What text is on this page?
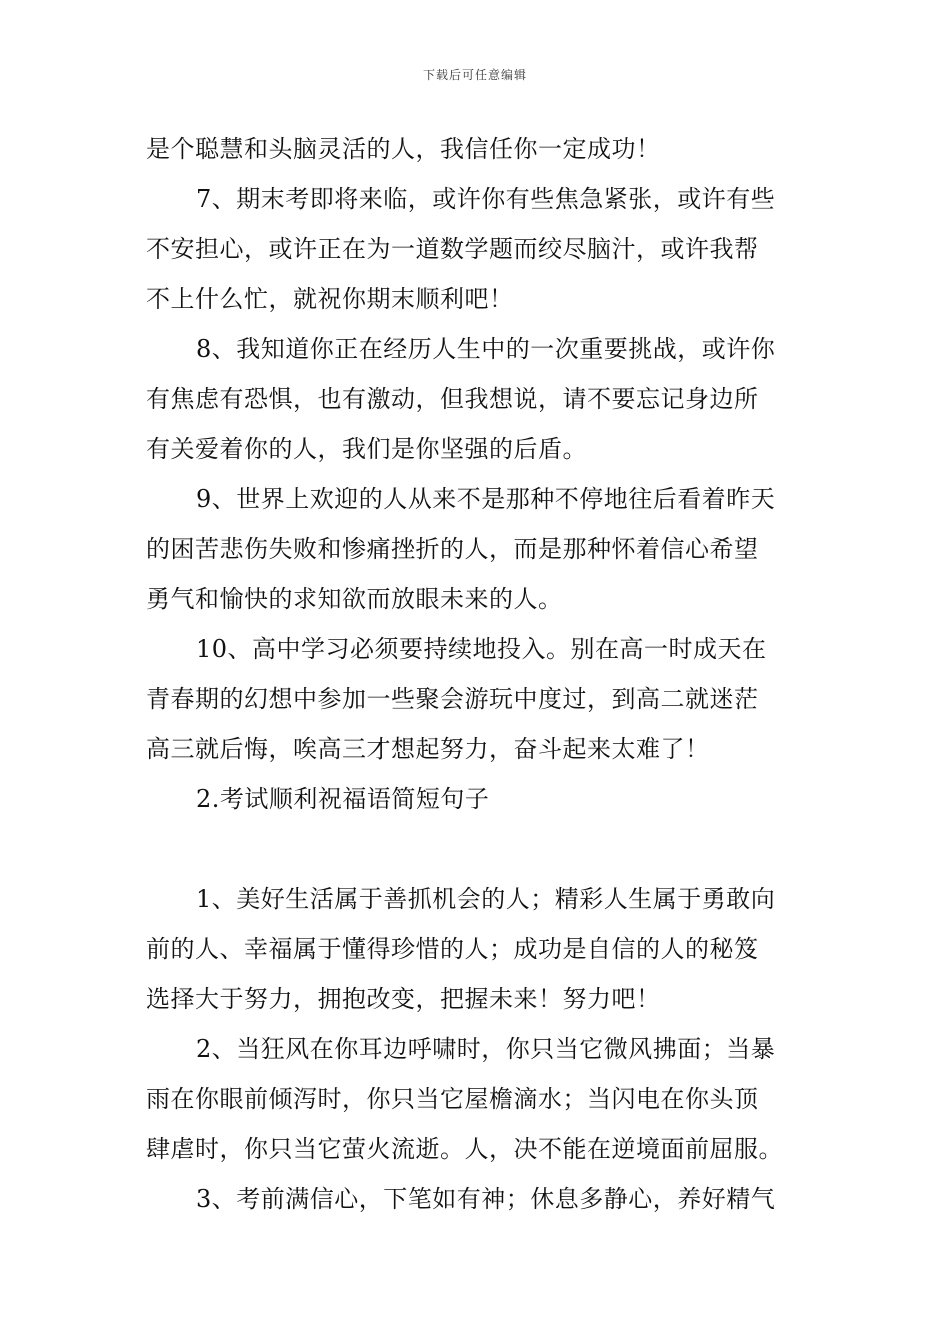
下载后可任意编辑
是个聪慧和头脑灵活的人，我信任你一定成功！
7、期末考即将来临，或许你有些焦急紧张，或许有些
不安担心，或许正在为一道数学题而绞尽脑汁，或许我帮
不上什么忙，就祝你期末顺利吧！
8、我知道你正在经历人生中的一次重要挑战，或许你
有焦虑有恐惧，也有激动，但我想说，请不要忘记身边所
有关爱着你的人，我们是你坚强的后盾。
9、世界上欢迎的人从来不是那种不停地往后看着昨天
的困苦悲伤失败和惨痛挫折的人，而是那种怀着信心希望
勇气和愉快的求知欲而放眼未来的人。
10、高中学习必须要持续地投入。别在高一时成天在
青春期的幻想中参加一些聚会游玩中度过，到高二就迷茫
高三就后悔，唉高三才想起努力，奋斗起来太难了！
2.考试顺利祝福语简短句子
1、美好生活属于善抓机会的人；精彩人生属于勇敢向
前的人、幸福属于懂得珍惜的人；成功是自信的人的秘笈
选择大于努力，拥抱改变，把握未来！努力吧！
2、当狂风在你耳边呼啸时，你只当它微风拂面；当暴
雨在你眼前倾泻时，你只当它屋檐滴水；当闪电在你头顶
肆虐时，你只当它萤火流逝。人，决不能在逆境面前屈服。
3、考前满信心，下笔如有神；休息多静心，养好精气
